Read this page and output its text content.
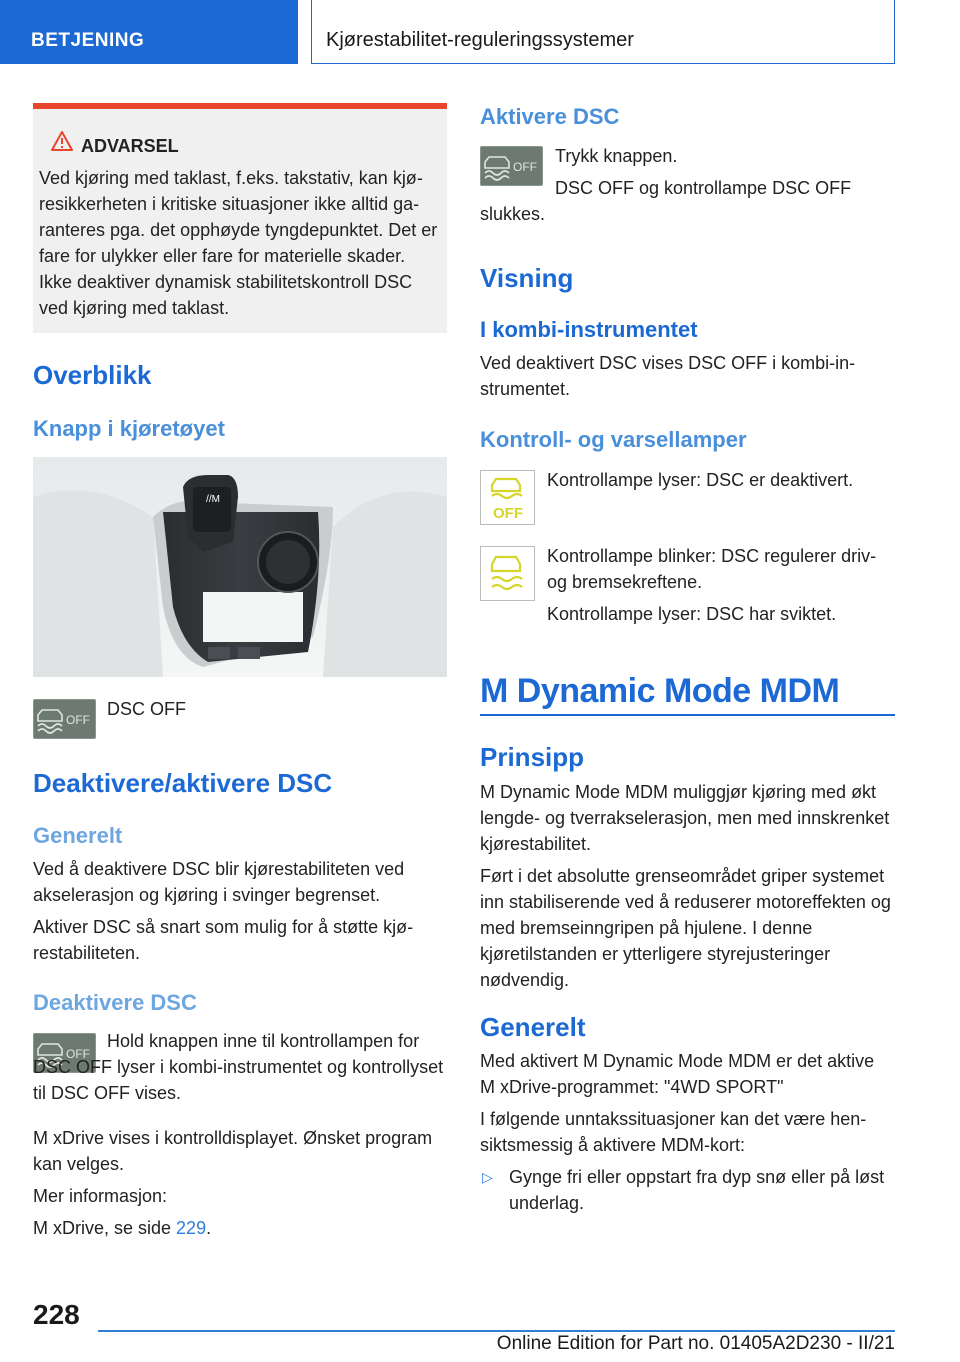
BETJENING	Kjørestabilitet-reguleringssystemer
ADVARSEL

Ved kjøring med taklast, f.eks. takstativ, kan kjøresikkerheten i kritiske situasjoner ikke alltid garanteres pga. det opphøyde tyngdepunktet. Det er fare for ulykker eller fare for materielle skader. Ikke deaktiver dynamisk stabilitetskontroll DSC ved kjøring med taklast.

Overblikk
Knapp i kjøretøyet
//M
OFF
DSC OFF
Deaktivere/aktivere DSC
Generelt

Ved å deaktivere DSC blir kjørestabiliteten ved akselerasjon og kjøring i svinger begrenset.

Aktiver DSC så snart som mulig for å støtte kjørestabiliteten.

Deaktivere DSC
OFF
Hold knappen inne til kontrollampen for DSC OFF lyser i kombi-instrumentet og kontrollyset til DSC OFF vises.

M xDrive vises i kontrolldisplayet. Ønsket program kan velges.

Mer informasjon:

M xDrive, se side 229.

Aktivere DSC
OFF
Trykk knappen.
DSC OFF og kontrollampe DSC OFF slukkes.
Visning
I kombi-instrumentet
Ved deaktivert DSC vises DSC OFF i kombi-instrumentet.
Kontroll- og varsellamper
OFF
Kontrollampe lyser: DSC er deaktivert.

Kontrollampe blinker: DSC regulerer driv- og bremsekreftene.

Kontrollampe lyser: DSC har sviktet.

M Dynamic Mode MDM
Prinsipp

M Dynamic Mode MDM muliggjør kjøring med økt lengde- og tverrakselerasjon, men med innskrenket kjørestabilitet.

Ført i det absolutte grenseområdet griper systemet inn stabiliserende ved å reduserer motoreffekten og med bremseinngripen på hjulene. I denne kjøretilstanden er ytterligere styrejusteringer nødvendig.

Generelt

Med aktivert M Dynamic Mode MDM er det aktive M xDrive-programmet: "4WD SPORT"

I følgende unntakssituasjoner kan det være hensiktsmessig å aktivere MDM-kort:

▷ Gynge fri eller oppstart fra dyp snø eller på løst underlag.
228
Online Edition for Part no. 01405A2D230 - II/21
